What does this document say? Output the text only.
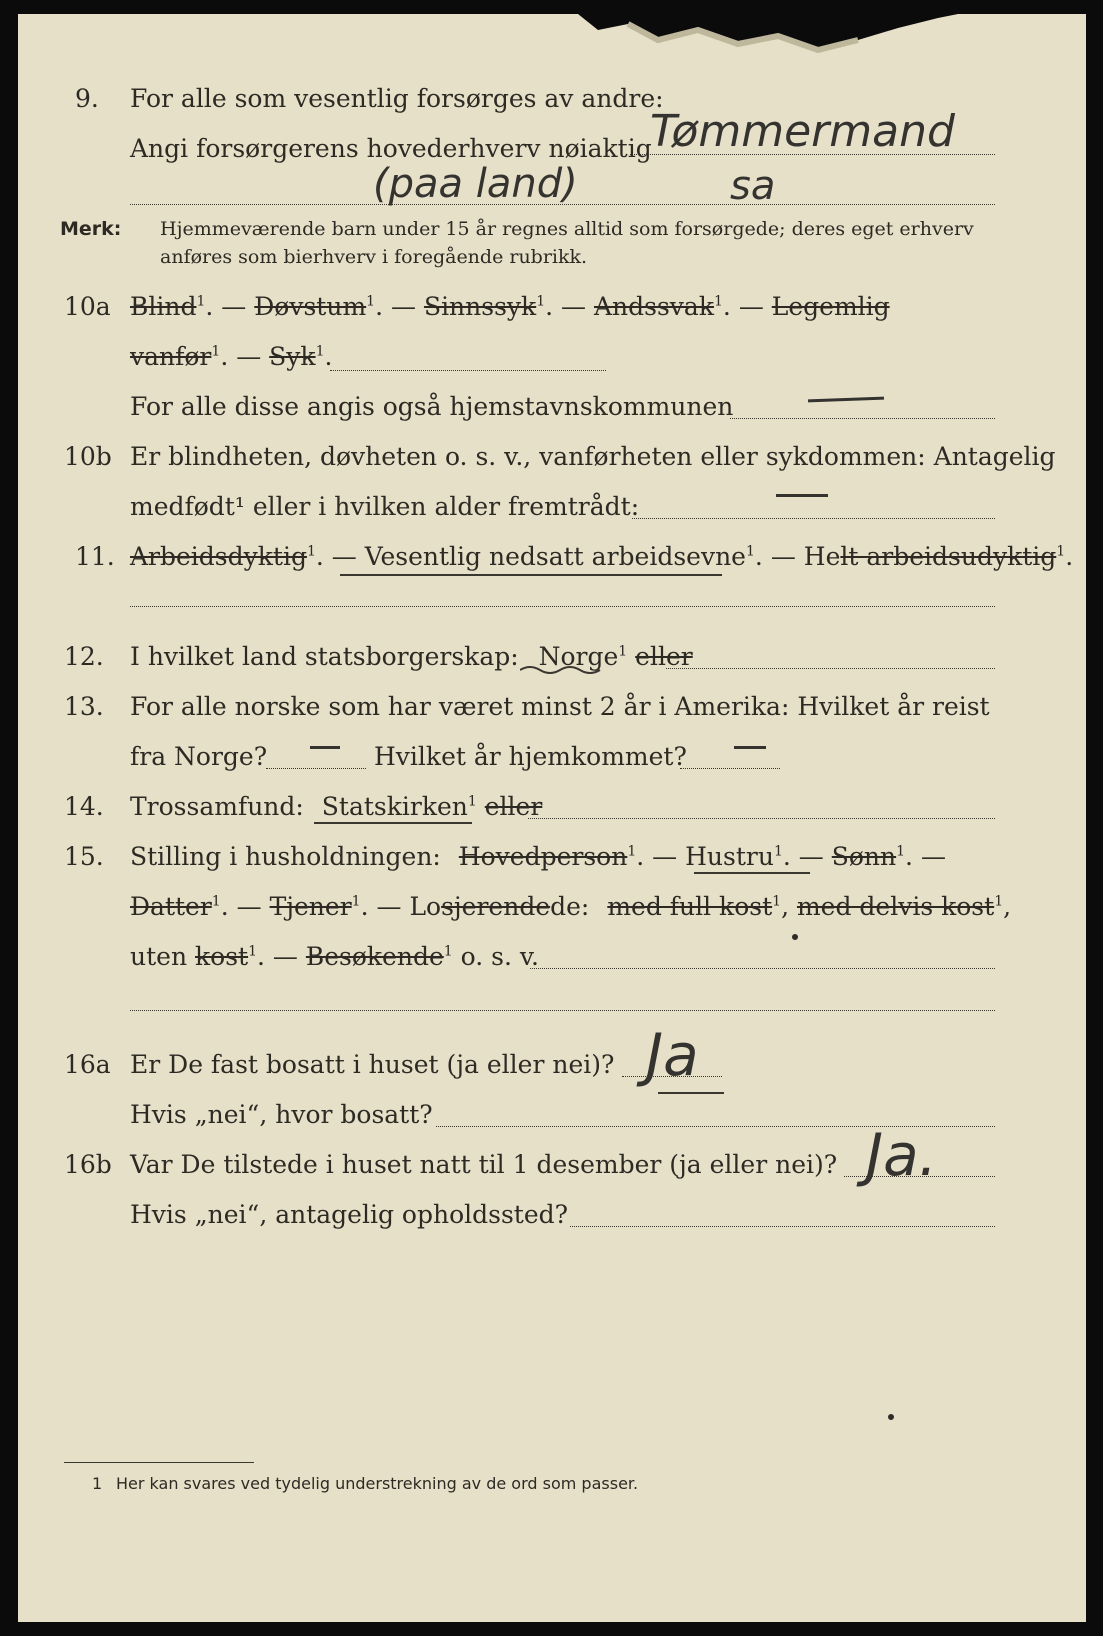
9. For alle som vesentlig forsørges av andre:
Angi forsørgerens hovederhverv nøiaktig
Tømmermand
(paa land)	sa
Merk: Hjemmeværende barn under 15 år regnes alltid som forsørgede; deres eget erhverv
anføres som bierhverv i foregående rubrikk.
10a Blind$^1$. — Døvstum$^1$. — Sinnssyk$^1$. — Andssvak$^1$. — Legemlig
vanfør$^1$. — Syk$^1$.
For alle disse angis også hjemstavnskommunen
10b Er blindheten, døvheten o. s. v., vanførheten eller sykdommen: Antagelig
medfødt¹ eller i hvilken alder fremtrådt:
11. Arbeidsdyktig$^1$. — Vesentlig nedsatt arbeidsevne$^1$. — Helt arbeidsudyktig$^1$.
12. I hvilket land statsborgerskap: Norge$^1$ eller
13. For alle norske som har været minst 2 år i Amerika: Hvilket år reist
fra Norge?	Hvilket år hjemkommet?
14. Trossamfund: Statskirken$^1$ eller
15. Stilling i husholdningen: Hovedperson$^1$. — Hustru$^1$. — Sønn$^1$. —
Datter$^1$. — Tjener$^1$. — Losjerendede: med full kost$^1$, med delvis kost$^1$,
uten kost$^1$. — Besøkende$^1$ o. s. v.
16a Er De fast bosatt i huset (ja eller nei)? Ja
Hvis „nei“, hvor bosatt?
16b Var De tilstede i huset natt til 1 desember (ja eller nei)? Ja.
Hvis „nei“, antagelig opholdssted?
1 Her kan svares ved tydelig understrekning av de ord som passer.
